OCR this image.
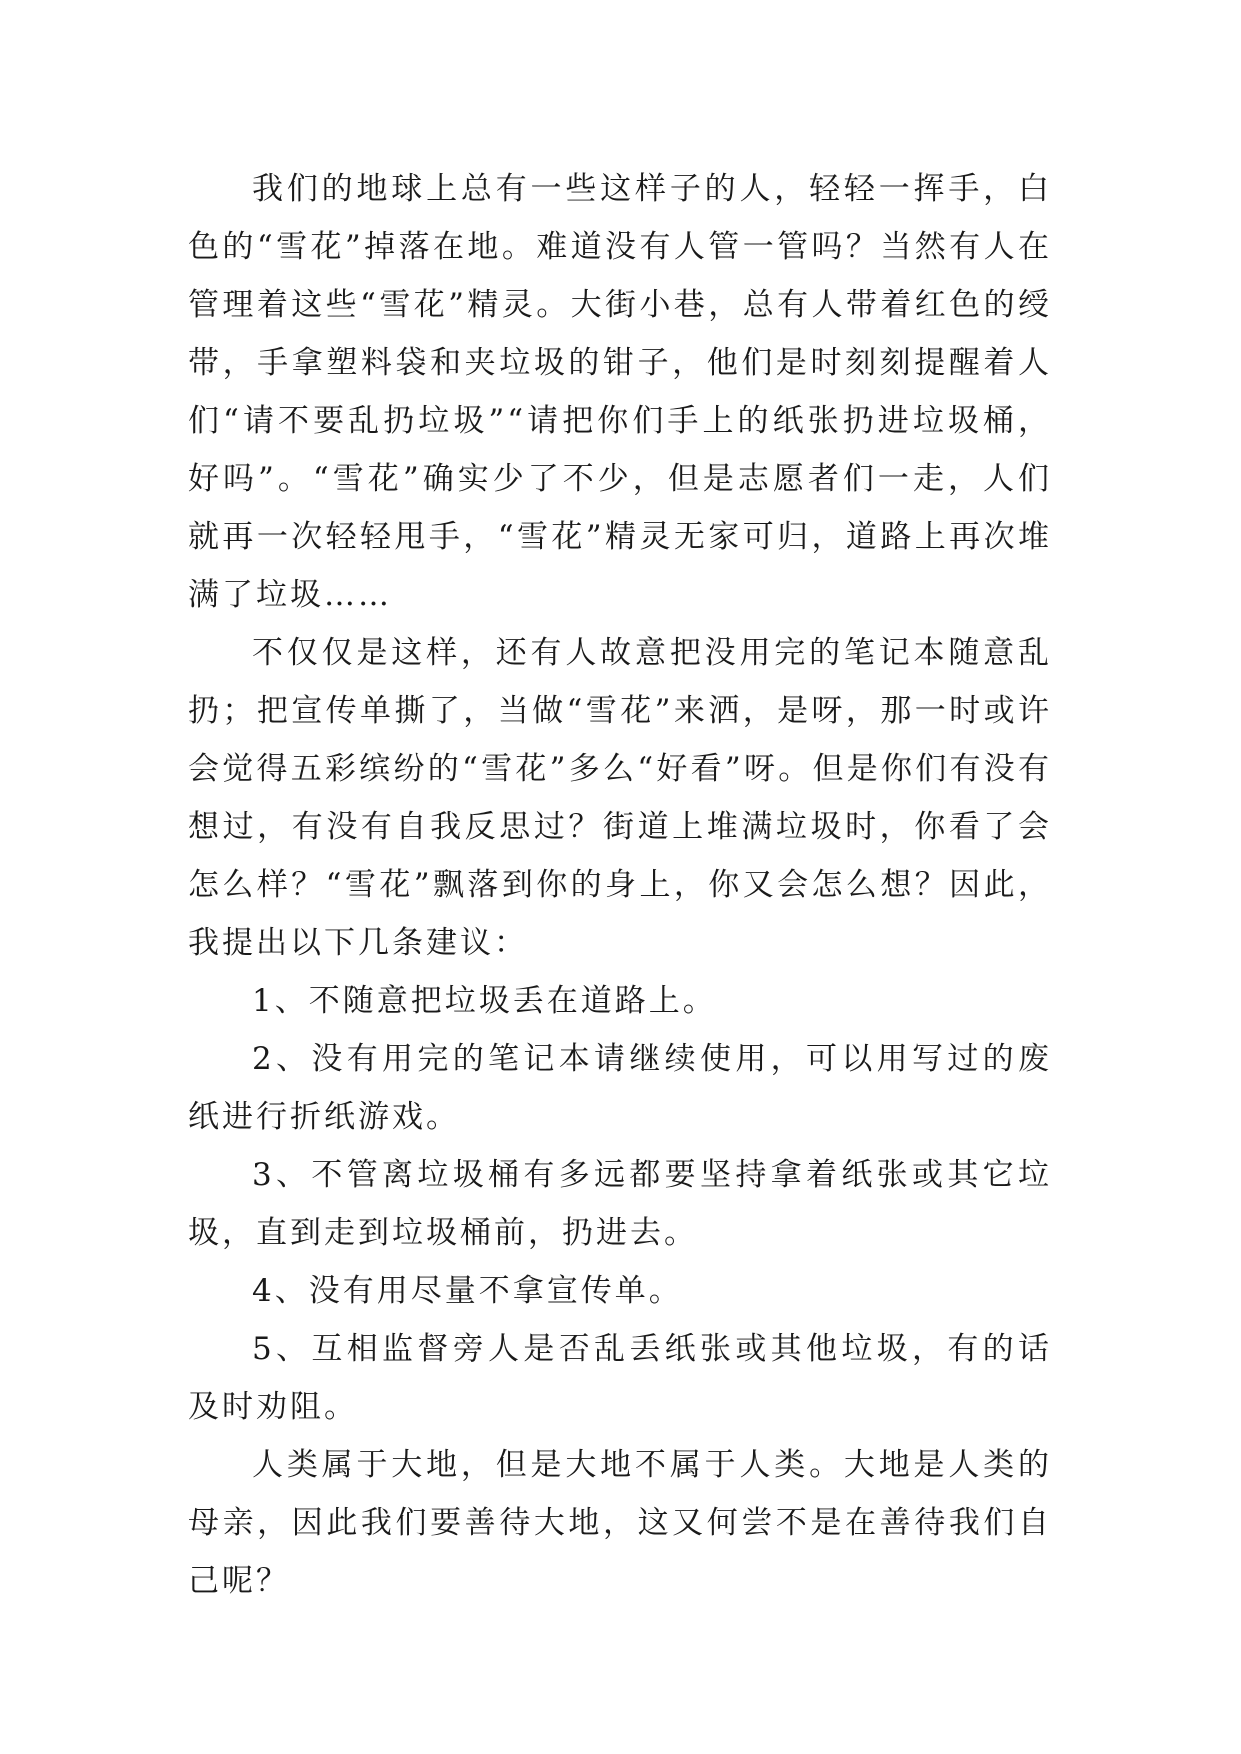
我们的地球上总有一些这样子的人，轻轻一挥手，白色的“雪花”掉落在地。难道没有人管一管吗？当然有人在管理着这些“雪花”精灵。大街小巷，总有人带着红色的绶带，手拿塑料袋和夹垃圾的钳子，他们是时刻刻提醒着人们“请不要乱扔垃圾”“请把你们手上的纸张扔进垃圾桶，好吗”。“雪花”确实少了不少，但是志愿者们一走，人们就再一次轻轻甩手，“雪花”精灵无家可归，道路上再次堆满了垃圾……

不仅仅是这样，还有人故意把没用完的笔记本随意乱扔；把宣传单撕了，当做“雪花”来洒，是呀，那一时或许会觉得五彩缤纷的“雪花”多么“好看”呀。但是你们有没有想过，有没有自我反思过？街道上堆满垃圾时，你看了会怎么样？“雪花”飘落到你的身上，你又会怎么想？因此，我提出以下几条建议：

1、不随意把垃圾丢在道路上。

2、没有用完的笔记本请继续使用，可以用写过的废纸进行折纸游戏。

3、不管离垃圾桶有多远都要坚持拿着纸张或其它垃圾，直到走到垃圾桶前，扔进去。

4、没有用尽量不拿宣传单。

5、互相监督旁人是否乱丢纸张或其他垃圾，有的话及时劝阻。

人类属于大地，但是大地不属于人类。大地是人类的母亲，因此我们要善待大地，这又何尝不是在善待我们自己呢？
